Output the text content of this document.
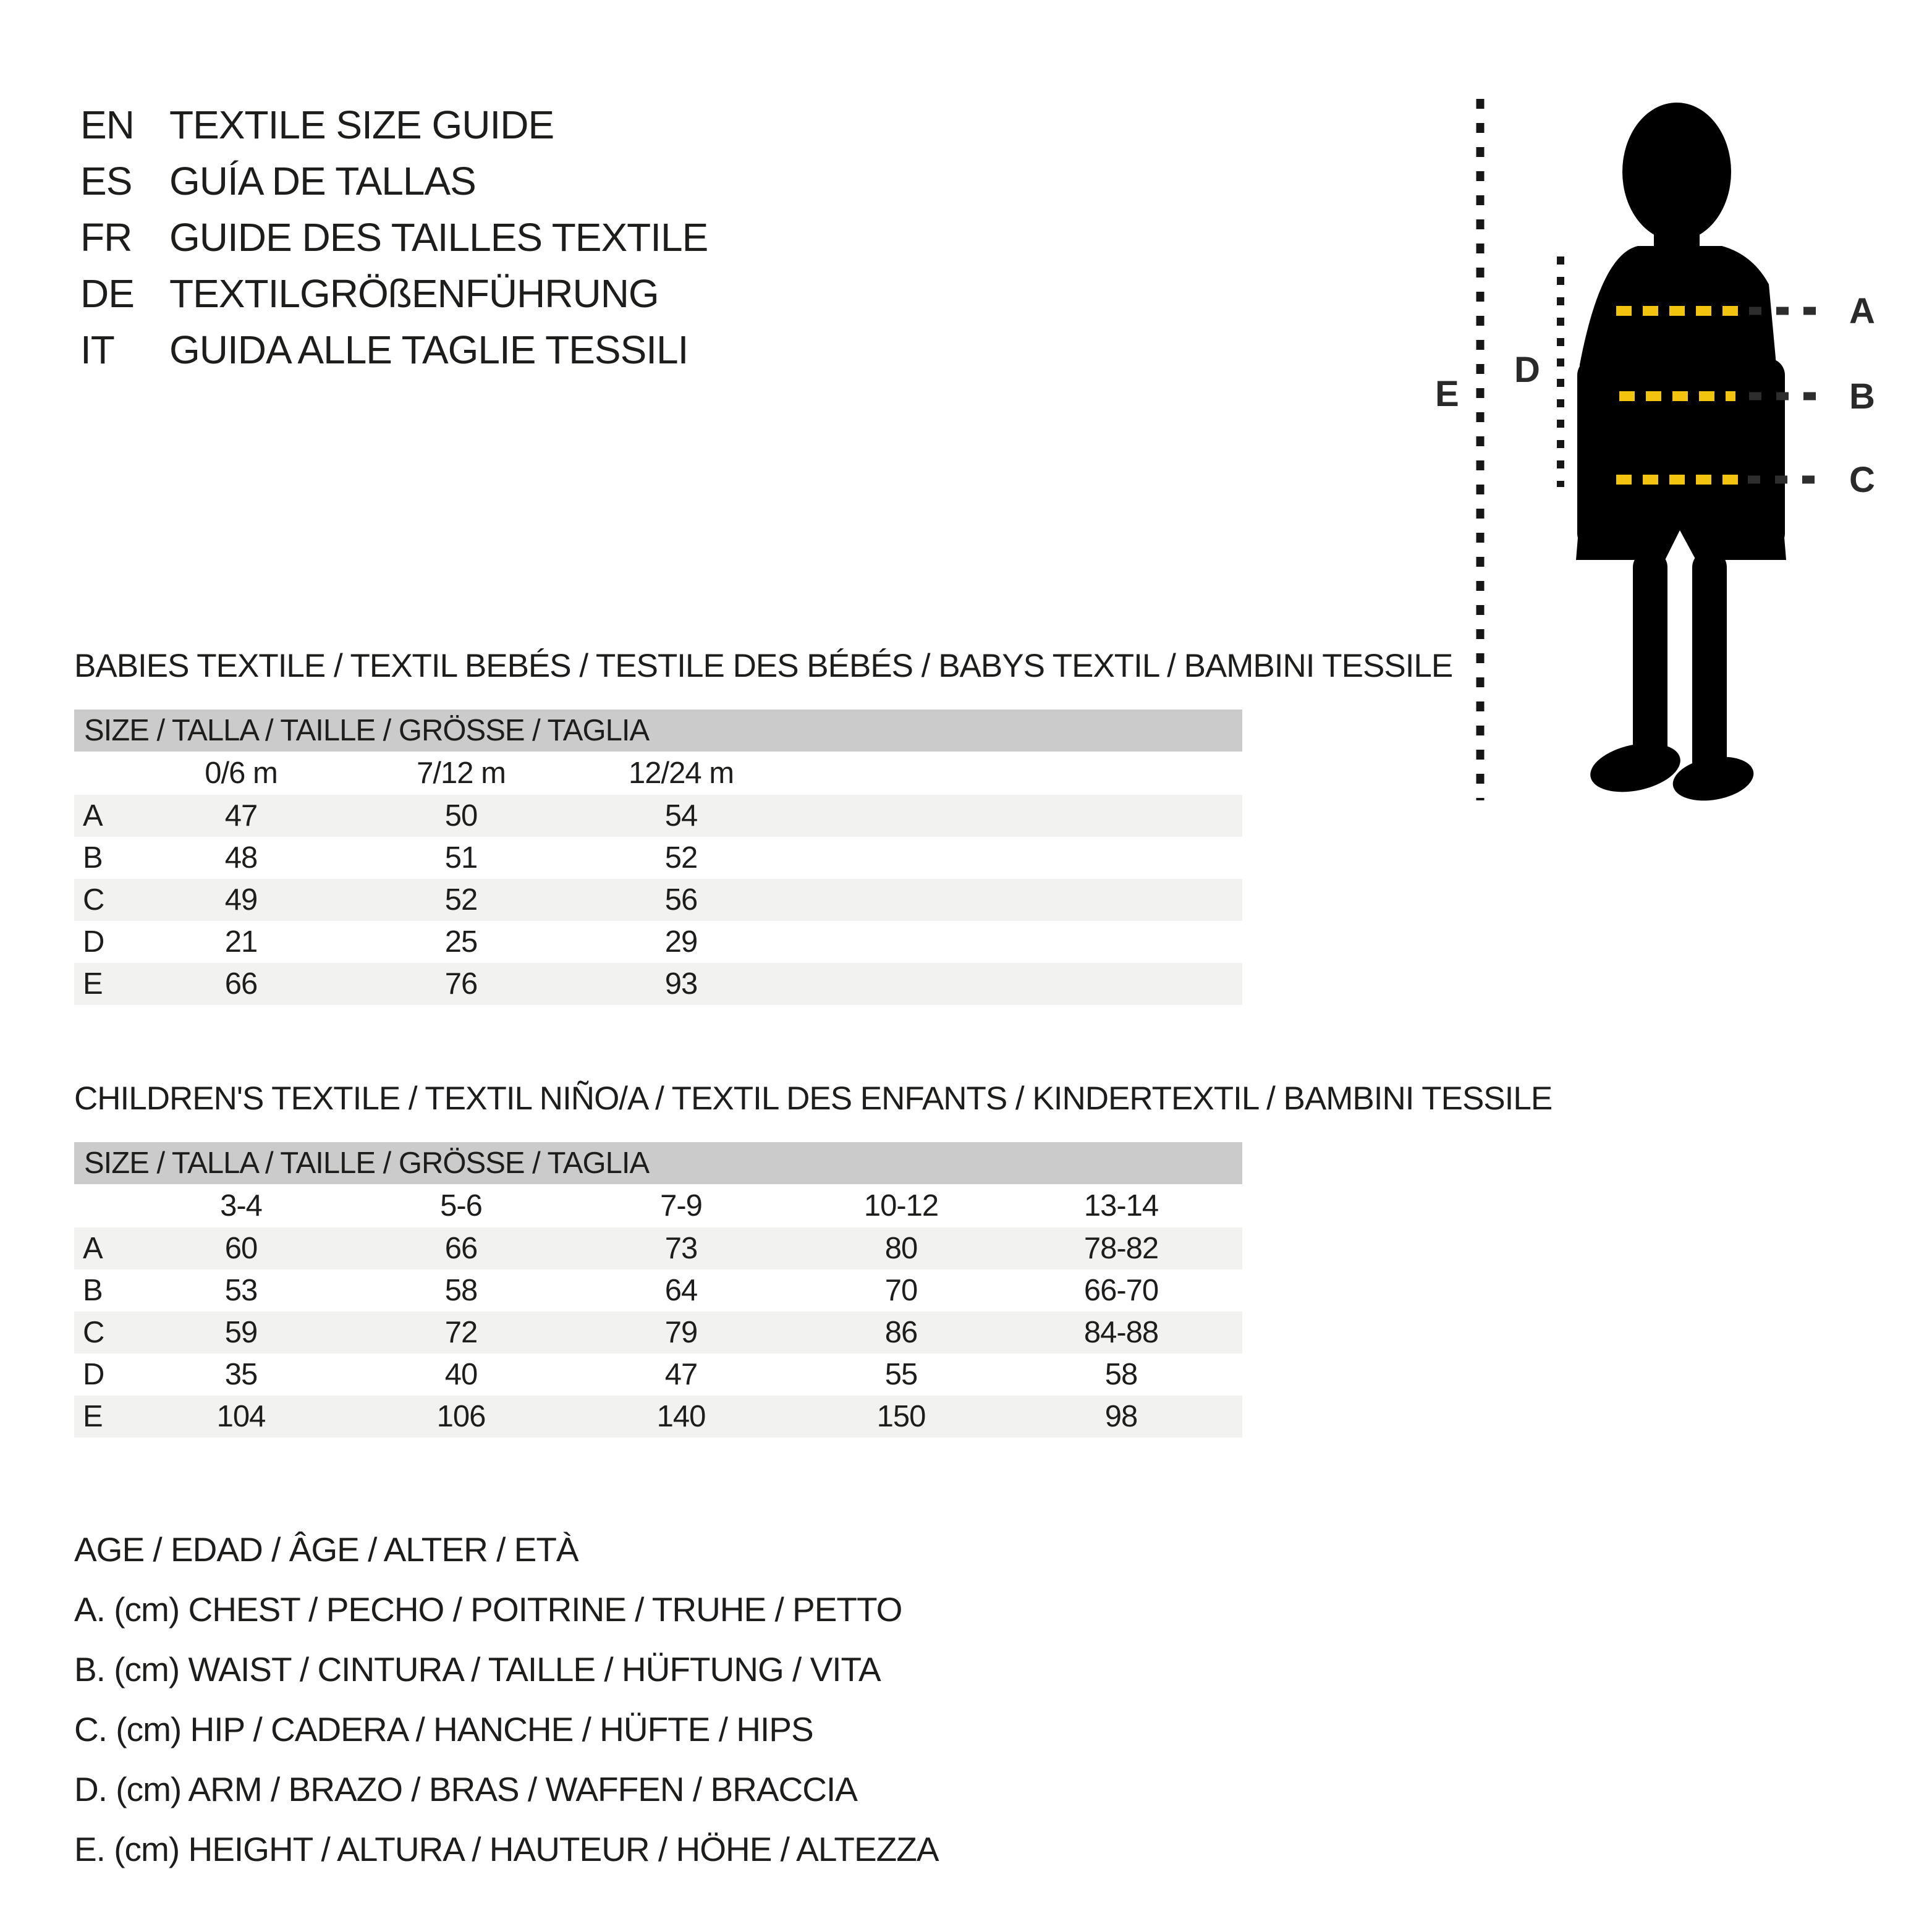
EN TEXTILE SIZE GUIDE
ES GUÍA DE TALLAS
FR GUIDE DES TAILLES TEXTILE
DE TEXTILGRÖßENFÜHRUNG
IT GUIDA ALLE TAGLIE TESSILI
A
B
C
D
E
BABIES TEXTILE / TEXTIL BEBÉS / TESTILE DES BÉBÉS / BABYS TEXTIL / BAMBINI TESSILE
SIZE / TALLA / TAILLE / GRÖSSE / TAGLIA				
	0/6 m	7/12 m	12/24 m	
A	47	50	54	
B	48	51	52	
C	49	52	56	
D	21	25	29	
E	66	76	93	
CHILDREN'S TEXTILE / TEXTIL NIÑO/A / TEXTIL DES ENFANTS / KINDERTEXTIL / BAMBINI TESSILE
SIZE / TALLA / TAILLE / GRÖSSE / TAGLIA						
	3-4	5-6	7-9	10-12	13-14	
A	60	66	73	80	78-82	
B	53	58	64	70	66-70	
C	59	72	79	86	84-88	
D	35	40	47	55	58	
E	104	106	140	150	98	
AGE / EDAD / ÂGE / ALTER / ETÀ
A. (cm) CHEST / PECHO / POITRINE / TRUHE / PETTO
B. (cm) WAIST / CINTURA / TAILLE / HÜFTUNG / VITA
C. (cm) HIP / CADERA / HANCHE / HÜFTE / HIPS
D. (cm) ARM / BRAZO / BRAS / WAFFEN / BRACCIA
E. (cm) HEIGHT / ALTURA / HAUTEUR / HÖHE / ALTEZZA
